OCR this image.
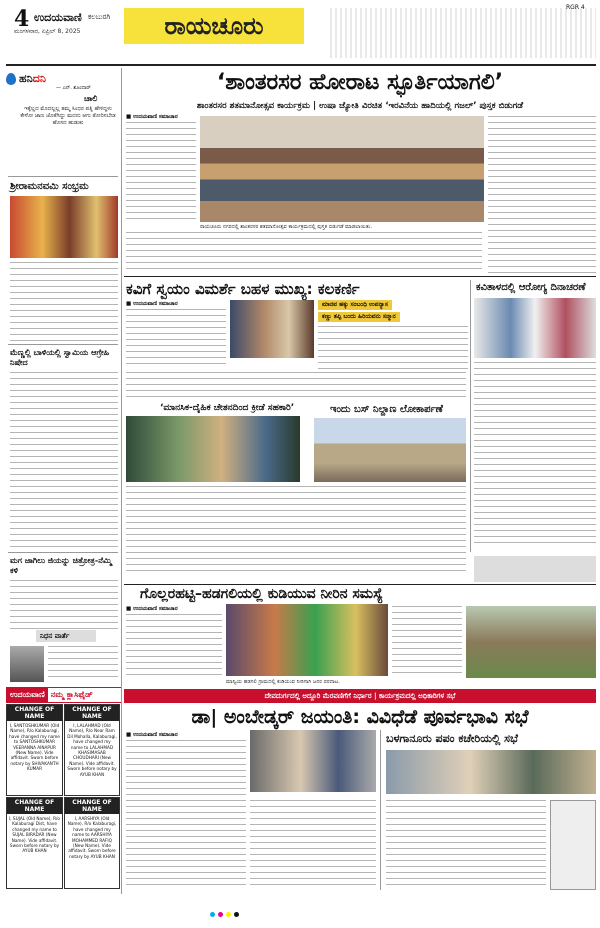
4 ಉದಯವಾಣಿ ಕಲಬುರಗಿ
ಮಂಗಳವಾರ, ಏಪ್ರಿಲ್ 8, 2025	ರಾಯಚೂರು
RGR 4
ಹನಿದನಿ
— ಎನ್. ಶೂಂದಾರ್
ಚಾಲಿ
ಇಕ್ಕೆಲ್ಲದ ಮೊದಲ್ಲಲ್ಲ ತಮ್ಮ ಸಿಂಧರ ಪತ್ನಿ ಹೇಳಿದ್ದಳು ಕೇಳೋ ಜಾಣ ಜೊತೆಗಿದ್ದು ಮದನು ಆಗು ತೋರಿಸಬೇಡ ಹೊಸದ ಹುಡುಕು
ಶ್ರೀರಾಮನವಮಿ ಸಂಭ್ರಮ
ಮೆಣ್ಣಲ್ಲಿ ಬಾಳಿಯಲ್ಲಿ ಸ್ವಾಮಿಯ ಆಗ್ರೇಹಿ ನಿಷೇದ
ಮಗ ಜಾಗಿಲು ಜಿಯನ್ನು ಚಿತ್ರೋತ್ರ-ನೆಮ್ಮಿ ಕಳಿ
ನಿಧನ ವಾರ್ತೆ
ಉದಯವಾಣಿ ನಮ್ಮ ಕ್ಲಾಸಿಫೈಡ್
CHANGE OF NAME
I, SANTOSHKUMAR (Old Name), R/o Kalaburagi, have changed my name to SANTOSHKUMAR VEERANNA AINAPUR (New Name). Vide affidavit. Sworn before notary by SHIVAKANTH KUMAR
CHANGE OF NAME
I, LALAHMAD (Old Name), R/o Near Ram Dil Mohalla, Kalaburagi, have changed my name to LALAHMAD KHASIMASAB CHOUDHARI (New Name). Vide affidavit. Sworn before notary by AYUB KHAN
CHANGE OF NAME
I, SUJAL (Old Name), R/o Kalaburagi Dist, have changed my name to SUJAL BIRADAR (New Name). Vide affidavit. Sworn before notary by AYUB KHAN
CHANGE OF NAME
I, AARSHIYA (Old Name), R/o Kalaburagi, have changed my name to AARSHIYA MOHAMMED RAFIQ (New Name). Vide affidavit. Sworn before notary by AYUB KHAN
‘ಶಾಂತರಸರ ಹೋರಾಟ ಸ್ಫೂರ್ತಿಯಾಗಲಿ’
ಶಾಂತರಸರ ಶತಮಾನೋತ್ಸವ ಕಾರ್ಯಕ್ರಮ | ಉಷಾ ಜ್ಯೋತಿ ವಿರಚಿತ ‘ಇರವಿನೆಯ ಹಾದಿಯಲ್ಲಿ ಗಜಲ್’ ಪುಸ್ತಕ ಬಿಡುಗಡೆ
■ ಉದಯವಾಣಿ ಸಮಾಚಾರ
ರಾಯಚೂರು ನಗರದಲ್ಲಿ ಶಾಂತರಸರ ಶತಮಾನೋತ್ಸವ ಕಾರ್ಯಕ್ರಮದಲ್ಲಿ ಪುಸ್ತಕ ಬಿಡುಗಡೆ ಮಾಡಲಾಯಿತು.
ಕವಿಗೆ ಸ್ವಯಂ ವಿಮರ್ಶೆ ಬಹಳ ಮುಖ್ಯ: ಕಲಕರ್ಣಿ	ಕವಿತಾಳದಲ್ಲಿ ಆರೋಗ್ಯ ದಿನಾಚರಣೆ
■ ಉದಯವಾಣಿ ಸಮಾಚಾರ	ಮಾನವ ಹಕ್ಕು ಸಂಬಂಧಿ ಉಪನ್ಯಾಸ
ಕಣ್ಣು ತಪ್ಪಿ ಬಂದು ಹಿರಿಯವನು ಸನ್ಮಾನ
‘ಮಾನಸಿಕ-ದೈಹಿಕ ಚೇತನದಿಂದ ಕ್ರೀಡೆ ಸಹಕಾರಿ’	ಇಂದು ಬಸ್ ನಿಲ್ದಾಣ ಲೋಕಾರ್ಪಣೆ
ಗೊಲ್ಲರಹಟ್ಟಿ–ಹಡಗಲಿಯಲ್ಲಿ ಕುಡಿಯುವ ನೀರಿನ ಸಮಸ್ಯೆ
■ ಉದಯವಾಣಿ ಸಮಾಚಾರ
ಮಾನ್ವಿಯ ಹಡಗಲಿ ಗ್ರಾಮದಲ್ಲಿ ಕುಡಿಯುವ ನೀರಿಗಾಗಿ ಜನರ ಪರದಾಟ.
ದೇವದುರ್ಗದಲ್ಲಿ ಅದ್ದೂರಿ ಮೆರವಣಿಗೆಗೆ ನಿರ್ಧಾರ | ಕಾರ್ಯಕ್ರಮದಲ್ಲಿ ಅಧಿಕಾರಿಗಳ ಸಭೆ
ಡಾ| ಅಂಬೇಡ್ಕರ್ ಜಯಂತಿ: ವಿವಿಧೆಡೆ ಪೂರ್ವಭಾವಿ ಸಭೆ
■ ಉದಯವಾಣಿ ಸಮಾಚಾರ	ಬಳಗಾನೂರು ಪಪಂ ಕಚೇರಿಯಲ್ಲಿ ಸಭೆ
